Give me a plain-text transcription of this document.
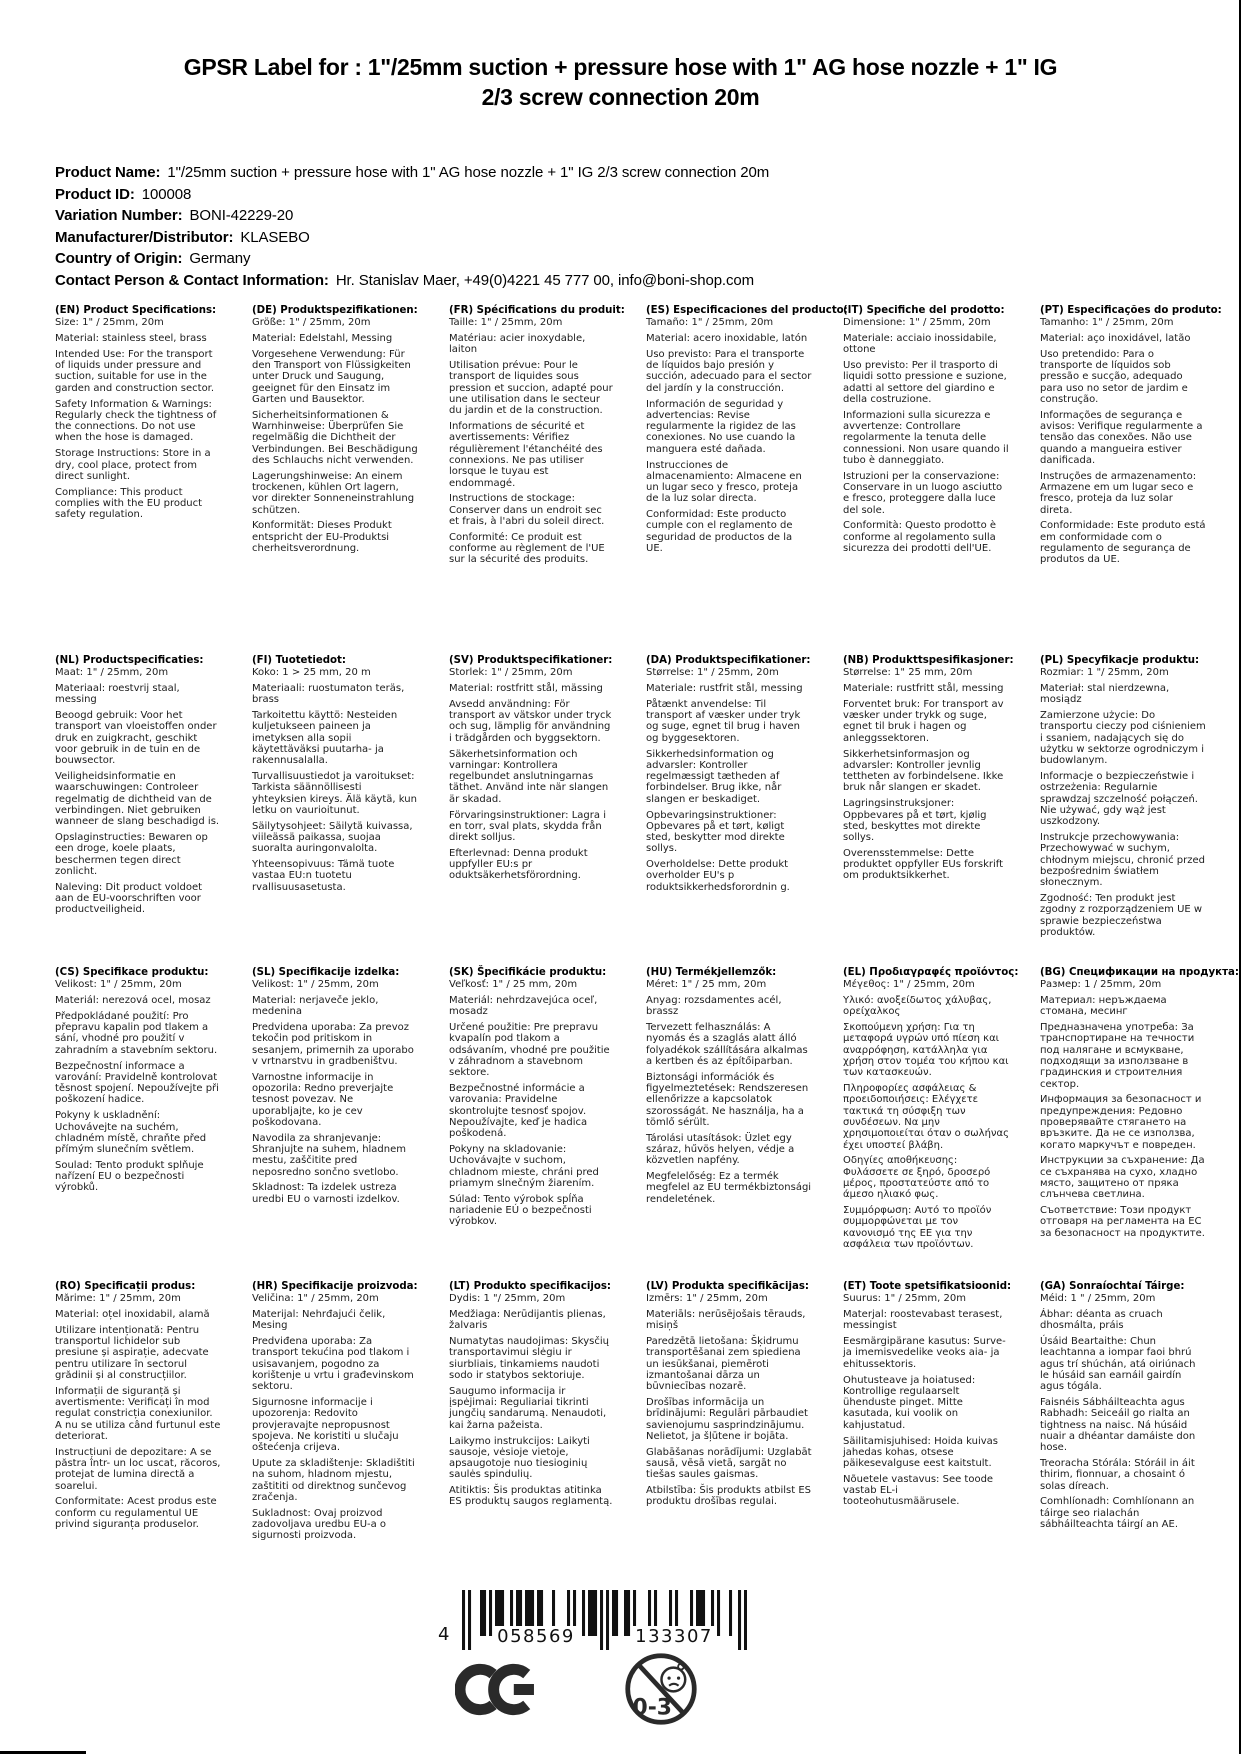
GPSR Label for : 1"/25mm suction + pressure hose with 1" AG hose nozzle + 1" IG 2/3 screw connection 20m
Product Name: 1"/25mm suction + pressure hose with 1" AG hose nozzle + 1" IG 2/3 screw connection 20m
Product ID: 100008
Variation Number: BONI-42229-20
Manufacturer/Distributor: KLASEBO
Country of Origin: Germany
Contact Person & Contact Information: Hr. Stanislav Maer, +49(0)4221 45 777 00, info@boni-shop.com
(EN) Product Specifications:

Size: 1" / 25mm, 20m

Material: stainless steel, brass

Intended Use: For the transport of liquids under pressure and suction, suitable for use in the garden and construction sector.

Safety Information & Warnings: Regularly check the tightness of the connections. Do not use when the hose is damaged.

Storage Instructions: Store in a dry, cool place, protect from direct sunlight.

Compliance: This product complies with the EU product safety regulation.

(DE) Produktspezifikationen:

Größe: 1" / 25mm, 20m

Material: Edelstahl, Messing

Vorgesehene Verwendung: Für den Transport von Flüssigkeiten unter Druck und Saugung, geeignet für den Einsatz im Garten und Bausektor.

Sicherheitsinformationen & Warnhinweise: Überprüfen Sie regelmäßig die Dichtheit der Verbindungen. Bei Beschädigung des Schlauchs nicht verwenden.

Lagerungshinweise: An einem trockenen, kühlen Ort lagern, vor direkter Sonneneinstrahlung schützen.

Konformität: Dieses Produkt entspricht der EU-Produktsi cherheitsverordnung.

(FR) Spécifications du produit:

Taille: 1" / 25mm, 20m

Matériau: acier inoxydable, laiton

Utilisation prévue: Pour le transport de liquides sous pression et succion, adapté pour une utilisation dans le secteur du jardin et de la construction.

Informations de sécurité et avertissements: Vérifiez régulièrement l'étanchéité des connexions. Ne pas utiliser lorsque le tuyau est endommagé.

Instructions de stockage: Conserver dans un endroit sec et frais, à l'abri du soleil direct.

Conformité: Ce produit est conforme au règlement de l'UE sur la sécurité des produits.

(ES) Especificaciones del producto:

Tamaño: 1" / 25mm, 20m

Material: acero inoxidable, latón

Uso previsto: Para el transporte de líquidos bajo presión y succión, adecuado para el sector del jardín y la construcción.

Información de seguridad y advertencias: Revise regularmente la rigidez de las conexiones. No use cuando la manguera esté dañada.

Instrucciones de almacenamiento: Almacene en un lugar seco y fresco, proteja de la luz solar directa.

Conformidad: Este producto cumple con el reglamento de seguridad de productos de la UE.

(IT) Specifiche del prodotto:

Dimensione: 1" / 25mm, 20m

Materiale: acciaio inossidabile, ottone

Uso previsto: Per il trasporto di liquidi sotto pressione e suzione, adatti al settore del giardino e della costruzione.

Informazioni sulla sicurezza e avvertenze: Controllare regolarmente la tenuta delle connessioni. Non usare quando il tubo è danneggiato.

Istruzioni per la conservazione: Conservare in un luogo asciutto e fresco, proteggere dalla luce del sole.

Conformità: Questo prodotto è conforme al regolamento sulla sicurezza dei prodotti dell'UE.

(PT) Especificações do produto:

Tamanho: 1" / 25mm, 20m

Material: aço inoxidável, latão

Uso pretendido: Para o transporte de líquidos sob pressão e sucção, adequado para uso no setor de jardim e construção.

Informações de segurança e avisos: Verifique regularmente a tensão das conexões. Não use quando a mangueira estiver danificada.

Instruções de armazenamento: Armazene em um lugar seco e fresco, proteja da luz solar direta.

Conformidade: Este produto está em conformidade com o regulamento de segurança de produtos da UE.

(NL) Productspecificaties:

Maat: 1" / 25mm, 20m

Materiaal: roestvrij staal, messing

Beoogd gebruik: Voor het transport van vloeistoffen onder druk en zuigkracht, geschikt voor gebruik in de tuin en de bouwsector.

Veiligheidsinformatie en waarschuwingen: Controleer regelmatig de dichtheid van de verbindingen. Niet gebruiken wanneer de slang beschadigd is.

Opslaginstructies: Bewaren op een droge, koele plaats, beschermen tegen direct zonlicht.

Naleving: Dit product voldoet aan de EU-voorschriften voor productveiligheid.

(FI) Tuotetiedot:

Koko: 1 > 25 mm, 20 m

Materiaali: ruostumaton teräs, brass

Tarkoitettu käyttö: Nesteiden kuljetukseen paineen ja imetyksen alla sopii käytettäväksi puutarha- ja rakennusalalla.

Turvallisuustiedot ja varoitukset: Tarkista säännöllisesti yhteyksien kireys. Älä käytä, kun letku on vaurioitunut.

Säilytysohjeet: Säilytä kuivassa, viileässä paikassa, suojaa suoralta auringonvalolta.

Yhteensopivuus: Tämä tuote vastaa EU:n tuotetu rvallisuusasetusta.

(SV) Produktspecifikationer:

Storlek: 1" / 25mm, 20m

Material: rostfritt stål, mässing

Avsedd användning: För transport av vätskor under tryck och sug, lämplig för användning i trädgården och byggsektorn.

Säkerhetsinformation och varningar: Kontrollera regelbundet anslutningarnas täthet. Använd inte när slangen är skadad.

Förvaringsinstruktioner: Lagra i en torr, sval plats, skydda från direkt solljus.

Efterlevnad: Denna produkt uppfyller EU:s pr oduktsäkerhetsförordning.

(DA) Produktspecifikationer:

Størrelse: 1" / 25mm, 20m

Materiale: rustfrit stål, messing

Påtænkt anvendelse: Til transport af væsker under tryk og suge, egnet til brug i haven og byggesektoren.

Sikkerhedsinformation og advarsler: Kontroller regelmæssigt tætheden af forbindelser. Brug ikke, når slangen er beskadiget.

Opbevaringsinstruktioner: Opbevares på et tørt, køligt sted, beskytter mod direkte sollys.

Overholdelse: Dette produkt overholder EU's p roduktsikkerhedsforordnin g.

(NB) Produkttspesifikasjoner:

Størrelse: 1" 25 mm, 20m

Materiale: rustfritt stål, messing

Forventet bruk: For transport av væsker under trykk og suge, egnet til bruk i hagen og anleggssektoren.

Sikkerhetsinformasjon og advarsler: Kontroller jevnlig tettheten av forbindelsene. Ikke bruk når slangen er skadet.

Lagringsinstruksjoner: Oppbevares på et tørt, kjølig sted, beskyttes mot direkte sollys.

Overensstemmelse: Dette produktet oppfyller EUs forskrift om produktsikkerhet.

(PL) Specyfikacje produktu:

Rozmiar: 1 "/ 25mm, 20m

Materiał: stal nierdzewna, mosiądz

Zamierzone użycie: Do transportu cieczy pod ciśnieniem i ssaniem, nadających się do użytku w sektorze ogrodniczym i budowlanym.

Informacje o bezpieczeństwie i ostrzeżenia: Regularnie sprawdzaj szczelność połączeń. Nie używać, gdy wąż jest uszkodzony.

Instrukcje przechowywania: Przechowywać w suchym, chłodnym miejscu, chronić przed bezpośrednim światłem słonecznym.

Zgodność: Ten produkt jest zgodny z rozporządzeniem UE w sprawie bezpieczeństwa produktów.

(CS) Specifikace produktu:

Velikost: 1" / 25mm, 20m

Materiál: nerezová ocel, mosaz

Předpokládané použití: Pro přepravu kapalin pod tlakem a sání, vhodné pro použití v zahradním a stavebním sektoru.

Bezpečnostní informace a varování: Pravidelně kontrolovat těsnost spojení. Nepoužívejte při poškození hadice.

Pokyny k uskladnění: Uchovávejte na suchém, chladném místě, chraňte před přímým slunečním světlem.

Soulad: Tento produkt splňuje nařízení EU o bezpečnosti výrobků.

(SL) Specifikacije izdelka:

Velikost: 1" / 25mm, 20m

Material: nerjaveče jeklo, medenina

Predvidena uporaba: Za prevoz tekočin pod pritiskom in sesanjem, primernih za uporabo v vrtnarstvu in gradbeništvu.

Varnostne informacije in opozorila: Redno preverjajte tesnost povezav. Ne uporabljajte, ko je cev poškodovana.

Navodila za shranjevanje: Shranjujte na suhem, hladnem mestu, zaščitite pred neposredno sončno svetlobo.

Skladnost: Ta izdelek ustreza uredbi EU o varnosti izdelkov.

(SK) Špecifikácie produktu:

Veľkosť: 1" / 25 mm, 20m

Materiál: nehrdzavejúca oceľ, mosadz

Určené použitie: Pre prepravu kvapalín pod tlakom a odsávaním, vhodné pre použitie v záhradnom a stavebnom sektore.

Bezpečnostné informácie a varovania: Pravidelne skontrolujte tesnosť spojov. Nepoužívajte, keď je hadica poškodená.

Pokyny na skladovanie: Uchovávajte v suchom, chladnom mieste, chráni pred priamym slnečným žiarením.

Súlad: Tento výrobok spĺňa nariadenie EÚ o bezpečnosti výrobkov.

(HU) Termékjellemzők:

Méret: 1" / 25 mm, 20m

Anyag: rozsdamentes acél, brassz

Tervezett felhasználás: A nyomás és a szaglás alatt álló folyadékok szállítására alkalmas a kertben és az építőiparban.

Biztonsági információk és figyelmeztetések: Rendszeresen ellenőrizze a kapcsolatok szorosságát. Ne használja, ha a tömlő sérült.

Tárolási utasítások: Üzlet egy száraz, hűvös helyen, védje a közvetlen napfény.

Megfelelőség: Ez a termék megfelel az EU termékbiztonsági rendeletének.

(EL) Προδιαγραφές προϊόντος:

Μέγεθος: 1" / 25mm, 20m

Υλικό: ανοξείδωτος χάλυβας, ορείχαλκος

Σκοπούμενη χρήση: Για τη μεταφορά υγρών υπό πίεση και αναρρόφηση, κατάλληλα για χρήση στον τομέα του κήπου και των κατασκευών.

Πληροφορίες ασφάλειας & προειδοποιήσεις: Ελέγχετε τακτικά τη σύσφιξη των συνδέσεων. Να μην χρησιμοποιείται όταν ο σωλήνας έχει υποστεί βλάβη.

Οδηγίες αποθήκευσης: Φυλάσσετε σε ξηρό, δροσερό μέρος, προστατεύστε από το άμεσο ηλιακό φως.

Συμμόρφωση: Αυτό το προϊόν συμμορφώνεται με τον κανονισμό της ΕΕ για την ασφάλεια των προϊόντων.

(BG) Спецификации на продукта:

Размер: 1 / 25mm, 20m

Материал: неръждаема стомана, месинг

Предназначена употреба: За транспортиране на течности под налягане и всмукване, подходящи за използване в градинския и строителния сектор.

Информация за безопасност и предупреждения: Редовно проверявайте стягането на връзките. Да не се използва, когато маркучът е повреден.

Инструкции за съхранение: Да се съхранява на сухо, хладно място, защитено от пряка слънчева светлина.

Съответствие: Този продукт отговаря на регламента на ЕС за безопасност на продуктите.

(RO) Specificații produs:

Mărime: 1" / 25mm, 20m

Material: oțel inoxidabil, alamă

Utilizare intenționată: Pentru transportul lichidelor sub presiune și aspirație, adecvate pentru utilizare în sectorul grădinii și al construcțiilor.

Informații de siguranță și avertismente: Verificați în mod regulat constricția conexiunilor. A nu se utiliza când furtunul este deteriorat.

Instrucțiuni de depozitare: A se păstra într- un loc uscat, răcoros, protejat de lumina directă a soarelui.

Conformitate: Acest produs este conform cu regulamentul UE privind siguranța produselor.

(HR) Specifikacije proizvoda:

Veličina: 1" / 25mm, 20m

Materijal: Nehrđajući čelik, Mesing

Predviđena uporaba: Za transport tekućina pod tlakom i usisavanjem, pogodno za korištenje u vrtu i građevinskom sektoru.

Sigurnosne informacije i upozorenja: Redovito provjeravajte nepropusnost spojeva. Ne koristiti u slučaju oštećenja crijeva.

Upute za skladištenje: Skladištiti na suhom, hladnom mjestu, zaštititi od direktnog sunčevog zračenja.

Sukladnost: Ovaj proizvod zadovoljava uredbu EU-a o sigurnosti proizvoda.

(LT) Produkto specifikacijos:

Dydis: 1 "/ 25mm, 20m

Medžiaga: Nerūdijantis plienas, žalvaris

Numatytas naudojimas: Skysčių transportavimui slėgiu ir siurbliais, tinkamiems naudoti sodo ir statybos sektoriuje.

Saugumo informacija ir įspėjimai: Reguliariai tikrinti jungčių sandarumą. Nenaudoti, kai žarna pažeista.

Laikymo instrukcijos: Laikyti sausoje, vėsioje vietoje, apsaugotoje nuo tiesioginių saulės spindulių.

Atitiktis: Šis produktas atitinka ES produktų saugos reglamentą.

(LV) Produkta specifikācijas:

Izmērs: 1" / 25mm, 20m

Materiāls: nerūsējošais tērauds, misiņš

Paredzētā lietošana: Šķidrumu transportēšanai zem spiediena un iesūkšanai, piemēroti izmantošanai dārza un būvniecības nozarē.

Drošības informācija un brīdinājumi: Regulāri pārbaudiet savienojumu sasprindzinājumu. Nelietot, ja šļūtene ir bojāta.

Glabāšanas norādījumi: Uzglabāt sausā, vēsā vietā, sargāt no tiešas saules gaismas.

Atbilstība: Šis produkts atbilst ES produktu drošības regulai.

(ET) Toote spetsifikatsioonid:

Suurus: 1" / 25mm, 20m

Materjal: roostevabast terasest, messingist

Eesmärgipärane kasutus: Surve- ja imemisvedelike veoks aia- ja ehitussektoris.

Ohutusteave ja hoiatused: Kontrollige regulaarselt ühenduste pinget. Mitte kasutada, kui voolik on kahjustatud.

Säilitamisjuhised: Hoida kuivas jahedas kohas, otsese päikesevalguse eest kaitstult.

Nõuetele vastavus: See toode vastab EL-i tooteohutusmäärusele.

(GA) Sonraíochtaí Táirge:

Méid: 1 " / 25mm, 20m

Ábhar: déanta as cruach dhosmálta, práis

Úsáid Beartaithe: Chun leachtanna a iompar faoi bhrú agus trí shúchán, atá oiriúnach le húsáid san earnáil gairdín agus tógála.

Faisnéis Sábháilteachta agus Rabhadh: Seiceáil go rialta an tightness na naisc. Ná húsáid nuair a dhéantar damáiste don hose.

Treoracha Stórála: Stóráil in áit thirim, fionnuar, a chosaint ó solas díreach.

Comhlíonadh: Comhlíonann an táirge seo rialachán sábháilteachta táirgí an AE.

4	058569	133307
0-3
